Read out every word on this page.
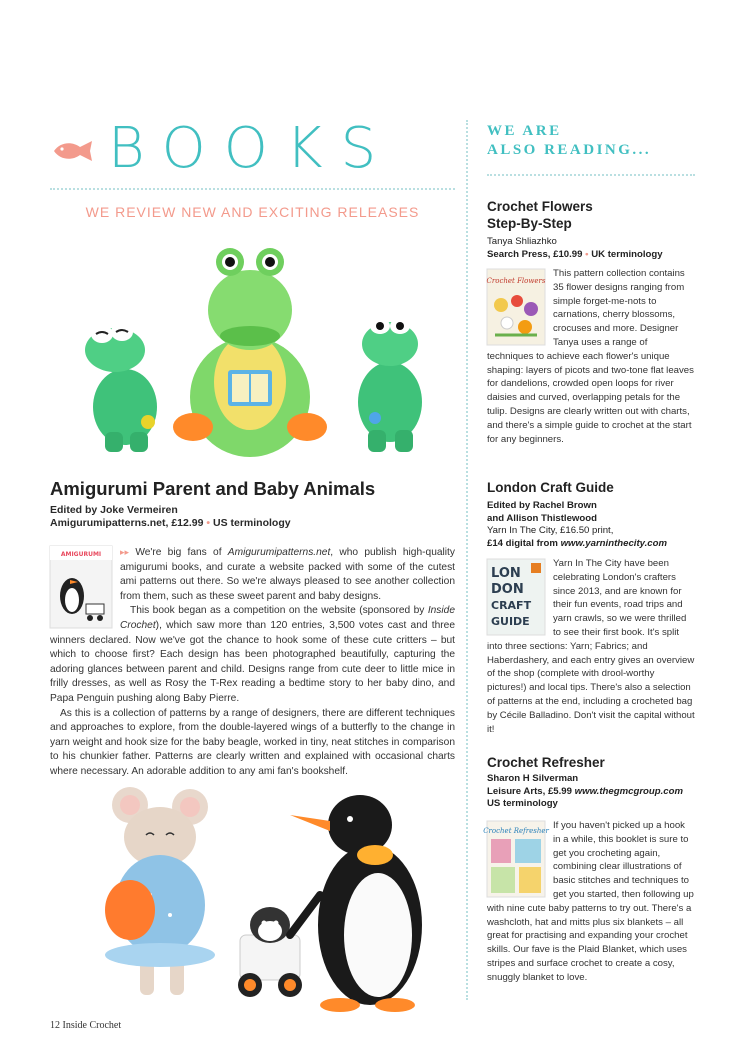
BOOKS
WE REVIEW NEW AND EXCITING RELEASES
WE ARE
ALSO READING...
Amigurumi Parent and Baby Animals
Edited by Joke Vermeiren
Amigurumipatterns.net, £12.99 • US terminology
AMIGURUMI	▸▸ We're big fans of Amigurumipatterns.net, who publish high-quality amigurumi books, and curate a website packed with some of the cutest ami patterns out there. So we're always pleased to see another collection from them, such as these sweet parent and baby designs.

This book began as a competition on the website (sponsored by Inside Crochet), which saw more than 120 entries, 3,500 votes cast and three winners declared. Now we've got the chance to hook some of these cute critters – but which to choose first? Each design has been photographed beautifully, capturing the adoring glances between parent and child. Designs range from cute deer to little mice in frilly dresses, as well as Rosy the T-Rex reading a bedtime story to her baby dino, and Papa Penguin pushing along Baby Pierre.

As this is a collection of patterns by a range of designers, there are different techniques and approaches to explore, from the double-layered wings of a butterfly to the change in yarn weight and hook size for the baby beagle, worked in tiny, neat stitches in comparison to his chunkier father. Patterns are clearly written and explained with occasional charts where necessary. An adorable addition to any ami fan's bookshelf.

12 Inside Crochet
Crochet Flowers
Step-By-Step
Tanya Shliazhko
Search Press, £10.99 • UK terminology
Crochet Flowers
This pattern collection contains 35 flower designs ranging from simple forget-me-nots to carnations, cherry blossoms, crocuses and more. Designer Tanya uses a range of techniques to achieve each flower's unique shaping: layers of picots and two-tone flat leaves for dandelions, crowded open loops for river daisies and curved, overlapping petals for the tulip. Designs are clearly written out with charts, and there's a simple guide to crochet at the start for any beginners.
London Craft Guide
Edited by Rachel Brown
and Allison Thistlewood
Yarn In The City, £16.50 print,
£14 digital from www.yarninthecity.com
LON
DON
CRAFT
GUIDE
Yarn In The City have been celebrating London's crafters since 2013, and are known for their fun events, road trips and yarn crawls, so we were thrilled to see their first book. It's split into three sections: Yarn; Fabrics; and Haberdashery, and each entry gives an overview of the shop (complete with drool-worthy pictures!) and local tips. There's also a selection of patterns at the end, including a crocheted bag by Cécile Balladino. Don't visit the capital without it!
Crochet Refresher
Sharon H Silverman
Leisure Arts, £5.99 www.thegmcgroup.com
US terminology
Crochet Refresher If you haven't picked up a hook in a while, this booklet is sure to get you crocheting again, combining clear illustrations of basic stitches and techniques to get you started, then following up with nine cute baby patterns to try out. There's a washcloth, hat and mitts plus six blankets – all great for practising and expanding your crochet skills. Our fave is the Plaid Blanket, which uses stripes and surface crochet to create a cosy, snuggly blanket to love.
